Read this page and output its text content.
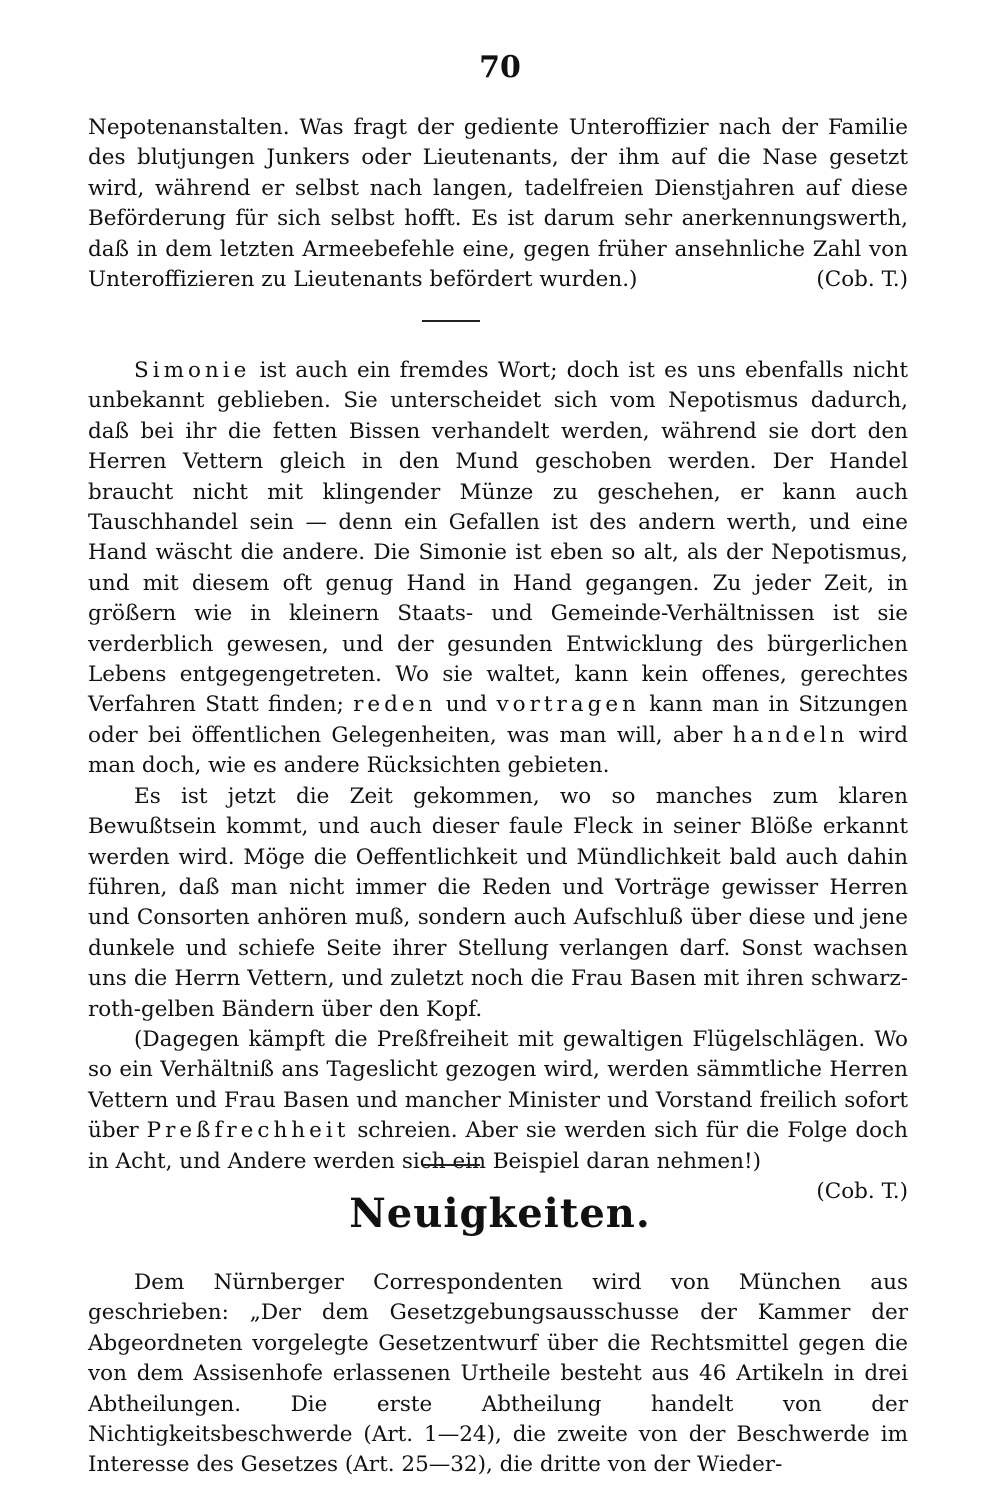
70

Nepotenanstalten. Was fragt der gediente Unteroffizier nach der Familie des blutjungen Junkers oder Lieutenants, der ihm auf die Nase gesetzt wird, während er selbst nach langen, tadelfreien Dienstjahren auf diese Beförderung für sich selbst hofft. Es ist darum sehr anerkennungswerth, daß in dem letzten Armeebefehle eine, gegen früher ansehnliche Zahl von Unteroffizieren zu Lieutenants befördert wurden.)	(Cob. T.)

Simonie ist auch ein fremdes Wort; doch ist es uns ebenfalls nicht unbekannt geblieben. Sie unterscheidet sich vom Nepotismus dadurch, daß bei ihr die fetten Bissen verhandelt werden, während sie dort den Herren Vettern gleich in den Mund geschoben werden. Der Handel braucht nicht mit klingender Münze zu geschehen, er kann auch Tauschhandel sein — denn ein Gefallen ist des andern werth, und eine Hand wäscht die andere. Die Simonie ist eben so alt, als der Nepotismus, und mit diesem oft genug Hand in Hand gegangen. Zu jeder Zeit, in größern wie in kleinern Staats- und Gemeinde-Verhältnissen ist sie verderblich gewesen, und der gesunden Entwicklung des bürgerlichen Lebens entgegengetreten. Wo sie waltet, kann kein offenes, gerechtes Verfahren Statt finden; reden und vortragen kann man in Sitzungen oder bei öffentlichen Gelegenheiten, was man will, aber handeln wird man doch, wie es andere Rücksichten gebieten.

Es ist jetzt die Zeit gekommen, wo so manches zum klaren Bewußtsein kommt, und auch dieser faule Fleck in seiner Blöße erkannt werden wird. Möge die Oeffentlichkeit und Mündlichkeit bald auch dahin führen, daß man nicht immer die Reden und Vorträge gewisser Herren und Consorten anhören muß, sondern auch Aufschluß über diese und jene dunkele und schiefe Seite ihrer Stellung verlangen darf. Sonst wachsen uns die Herrn Vettern, und zuletzt noch die Frau Basen mit ihren schwarz-roth-gelben Bändern über den Kopf.

(Dagegen kämpft die Preßfreiheit mit gewaltigen Flügelschlägen. Wo so ein Verhältniß ans Tageslicht gezogen wird, werden sämmtliche Herren Vettern und Frau Basen und mancher Minister und Vorstand freilich sofort über Preßfrechheit schreien. Aber sie werden sich für die Folge doch in Acht, und Andere werden sich ein Beispiel daran nehmen!)
(Cob. T.)

Neuigkeiten.

Dem Nürnberger Correspondenten wird von München aus geschrieben: „Der dem Gesetzgebungsausschusse der Kammer der Abgeordneten vorgelegte Gesetzentwurf über die Rechtsmittel gegen die von dem Assisenhofe erlassenen Urtheile besteht aus 46 Artikeln in drei Abtheilungen. Die erste Abtheilung handelt von der Nichtigkeitsbeschwerde (Art. 1—24), die zweite von der Beschwerde im Interesse des Gesetzes (Art. 25—32), die dritte von der Wieder-
